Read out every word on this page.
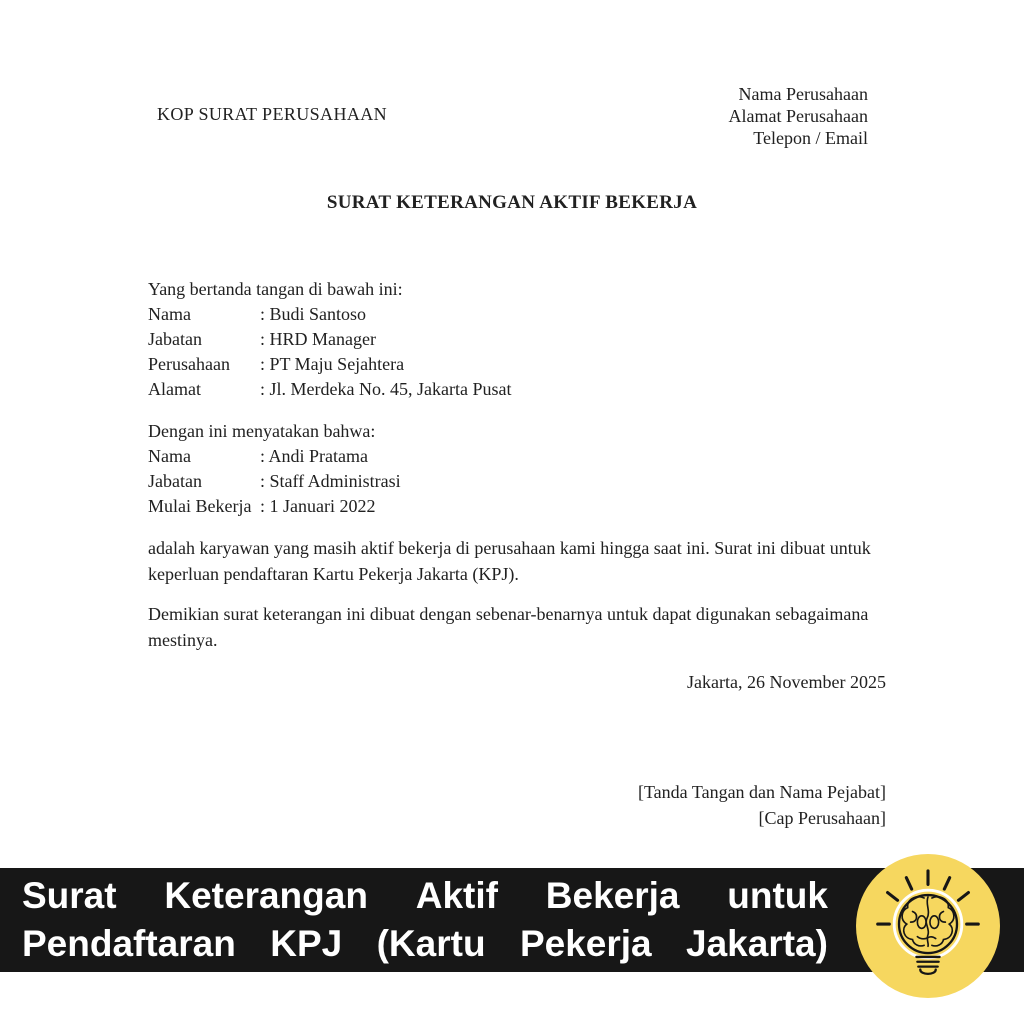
KOP SURAT PERUSAHAAN
Nama Perusahaan
Alamat Perusahaan
Telepon / Email
SURAT KETERANGAN AKTIF BEKERJA
Yang bertanda tangan di bawah ini:
Nama	: Budi Santoso
Jabatan	: HRD Manager
Perusahaan	: PT Maju Sejahtera
Alamat	: Jl. Merdeka No. 45, Jakarta Pusat
Dengan ini menyatakan bahwa:
Nama	: Andi Pratama
Jabatan	: Staff Administrasi
Mulai Bekerja : 1 Januari 2022

adalah karyawan yang masih aktif bekerja di perusahaan kami hingga saat ini. Surat ini dibuat untuk keperluan pendaftaran Kartu Pekerja Jakarta (KPJ).

Demikian surat keterangan ini dibuat dengan sebenar-benarnya untuk dapat digunakan sebagaimana mestinya.

Jakarta, 26 November 2025
[Tanda Tangan dan Nama Pejabat]
[Cap Perusahaan]
Surat Keterangan Aktif Bekerja untuk
Pendaftaran KPJ (Kartu Pekerja Jakarta)
